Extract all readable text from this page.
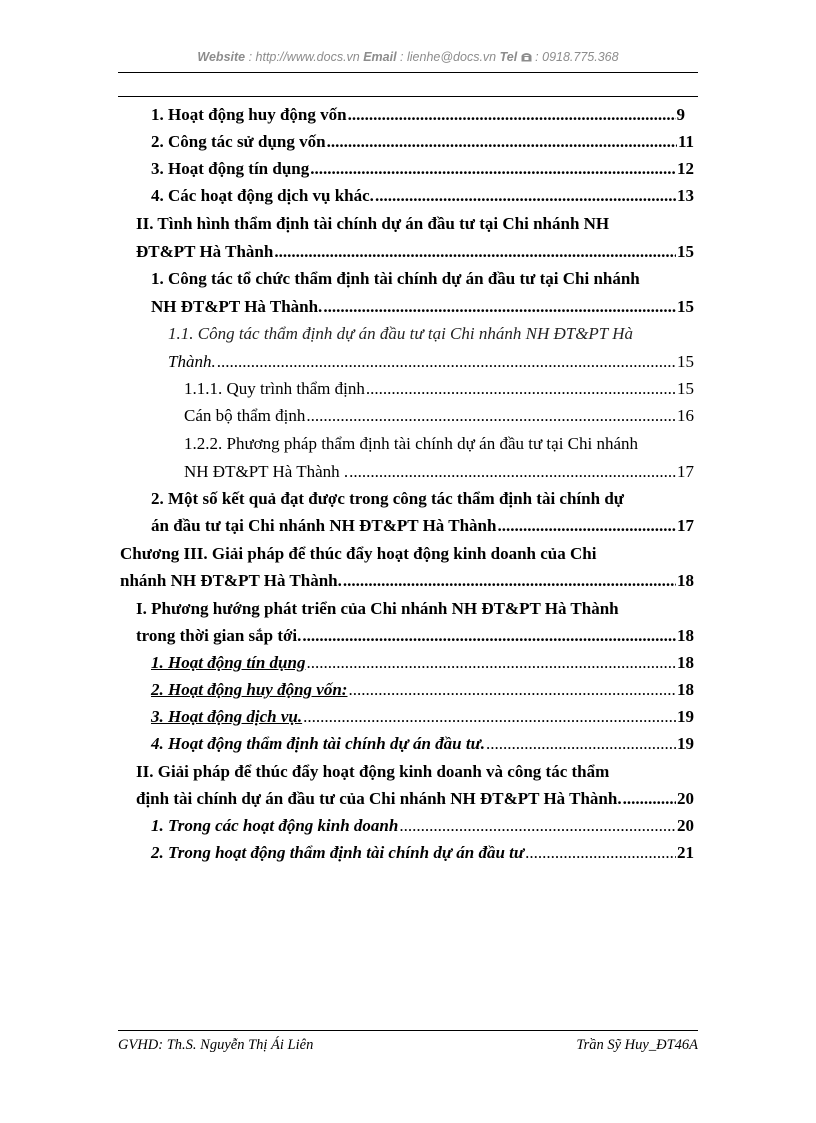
Website : http://www.docs.vn Email : lienhe@docs.vn Tel  : 0918.775.368
1. Hoạt động huy động vốn .....	9
2. Công tác sử dụng vốn .....	11
3. Hoạt động tín dụng .....	12
4. Các hoạt động dịch vụ khác. .....	13
II. Tình hình thẩm định tài chính dự án đầu tư tại Chi nhánh NH
ĐT&PT Hà Thành .....	15
1. Công tác tổ chức thẩm định tài chính dự án đầu tư tại Chi nhánh
NH ĐT&PT Hà Thành. .....	15
1.1. Công tác thẩm định dự án đầu tư tại Chi nhánh NH ĐT&PT Hà
Thành. .....	15
1.1.1. Quy trình thẩm định .....	15
Cán bộ thẩm định .....	16
1.2.2. Phương pháp thẩm định tài chính dự án đầu tư tại Chi nhánh
NH ĐT&PT Hà Thành . .....	17
2. Một số kết quả đạt được trong công tác thẩm định tài chính dự
án đầu tư tại Chi nhánh NH ĐT&PT Hà Thành .....	17
Chương III. Giải pháp để thúc đẩy hoạt động kinh doanh của Chi
nhánh NH ĐT&PT Hà Thành. .....	18
I. Phương hướng phát triển của Chi nhánh NH ĐT&PT Hà Thành
trong thời gian sắp tới. .....	18
1. Hoạt động tín dụng .....	18
2. Hoạt động huy động vốn: .....	18
3. Hoạt động dịch vụ. .....	19
4. Hoạt động thẩm định tài chính dự án đầu tư. .....	19
II. Giải pháp để thúc đẩy hoạt động kinh doanh và công tác thẩm
định tài chính dự án đầu tư của Chi nhánh NH ĐT&PT Hà Thành. .....	20
1. Trong các hoạt động kinh doanh .....	20
2. Trong hoạt động thẩm định tài chính dự án đầu tư .....	21
GVHD: Th.S. Nguyễn Thị Ái Liên	Trần Sỹ Huy_ĐT46A
